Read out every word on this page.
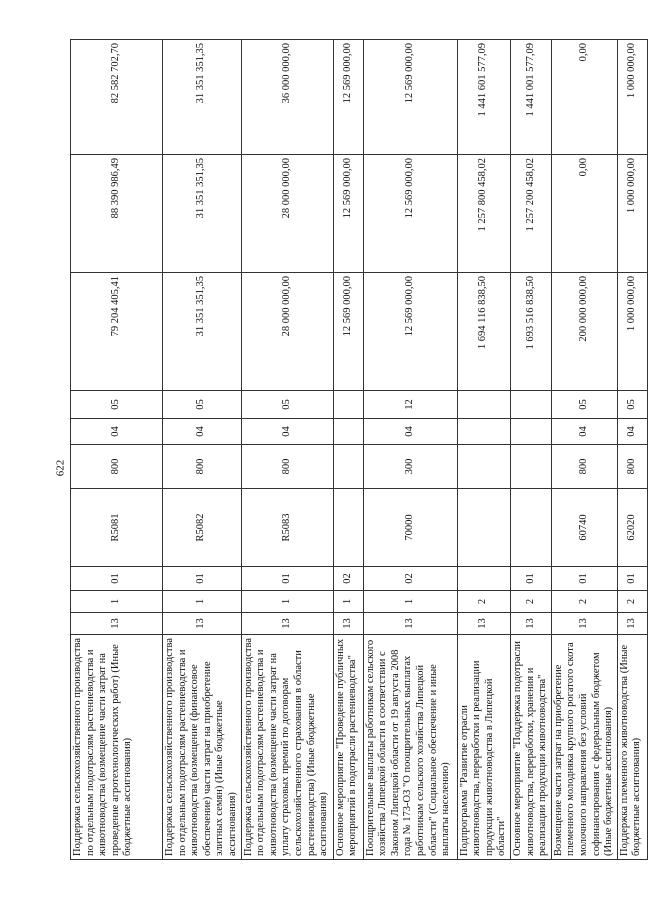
622
Поддержка сельскохозяйственного производства по отдельным подотраслям растениеводства и животноводства (возмещение части затрат на проведение агротехнологических работ) (Иные бюджетные ассигнования)	13	1	01	R5081	800	04	05	79 204 405,41	88 390 986,49	82 582 702,70
Поддержка сельскохозяйственного производства по отдельным подотраслям растениеводства и животноводства (возмещение (финансовое обеспечение) части затрат на приобретение элитных семян) (Иные бюджетные ассигнования)	13	1	01	R5082	800	04	05	31 351 351,35	31 351 351,35	31 351 351,35
Поддержка сельскохозяйственного производства по отдельным подотраслям растениеводства и животноводства (возмещение части затрат на уплату страховых премий по договорам сельскохозяйственного страхования в области растениеводства) (Иные бюджетные ассигнования)	13	1	01	R5083	800	04	05	28 000 000,00	28 000 000,00	36 000 000,00
Основное мероприятие "Проведение публичных мероприятий в подотрасли растениеводства"	13	1	02					12 569 000,00	12 569 000,00	12 569 000,00
Поощрительные выплаты работникам сельского хозяйства Липецкой области в соответствии с Законом Липецкой области от 19 августа 2008 года № 173-ОЗ "О поощрительных выплатах работникам сельского хозяйства Липецкой области" (Социальное обеспечение и иные выплаты населению)	13	1	02	70000	300	04	12	12 569 000,00	12 569 000,00	12 569 000,00
Подпрограмма "Развитие отрасли животноводства, переработки и реализации продукции животноводства в Липецкой области"	13	2						1 694 116 838,50	1 257 800 458,02	1 441 601 577,09
Основное мероприятие "Поддержка подотрасли животноводства, переработки, хранения и реализации продукции животноводства"	13	2	01					1 693 516 838,50	1 257 200 458,02	1 441 001 577,09
Возмещение части затрат на приобретение племенного молодняка крупного рогатого скота молочного направления без условий софинансирования с федеральным бюджетом (Иные бюджетные ассигнования)	13	2	01	60740	800	04	05	200 000 000,00	0,00	0,00
Поддержка племенного животноводства (Иные бюджетные ассигнования)	13	2	01	62020	800	04	05	1 000 000,00	1 000 000,00	1 000 000,00
